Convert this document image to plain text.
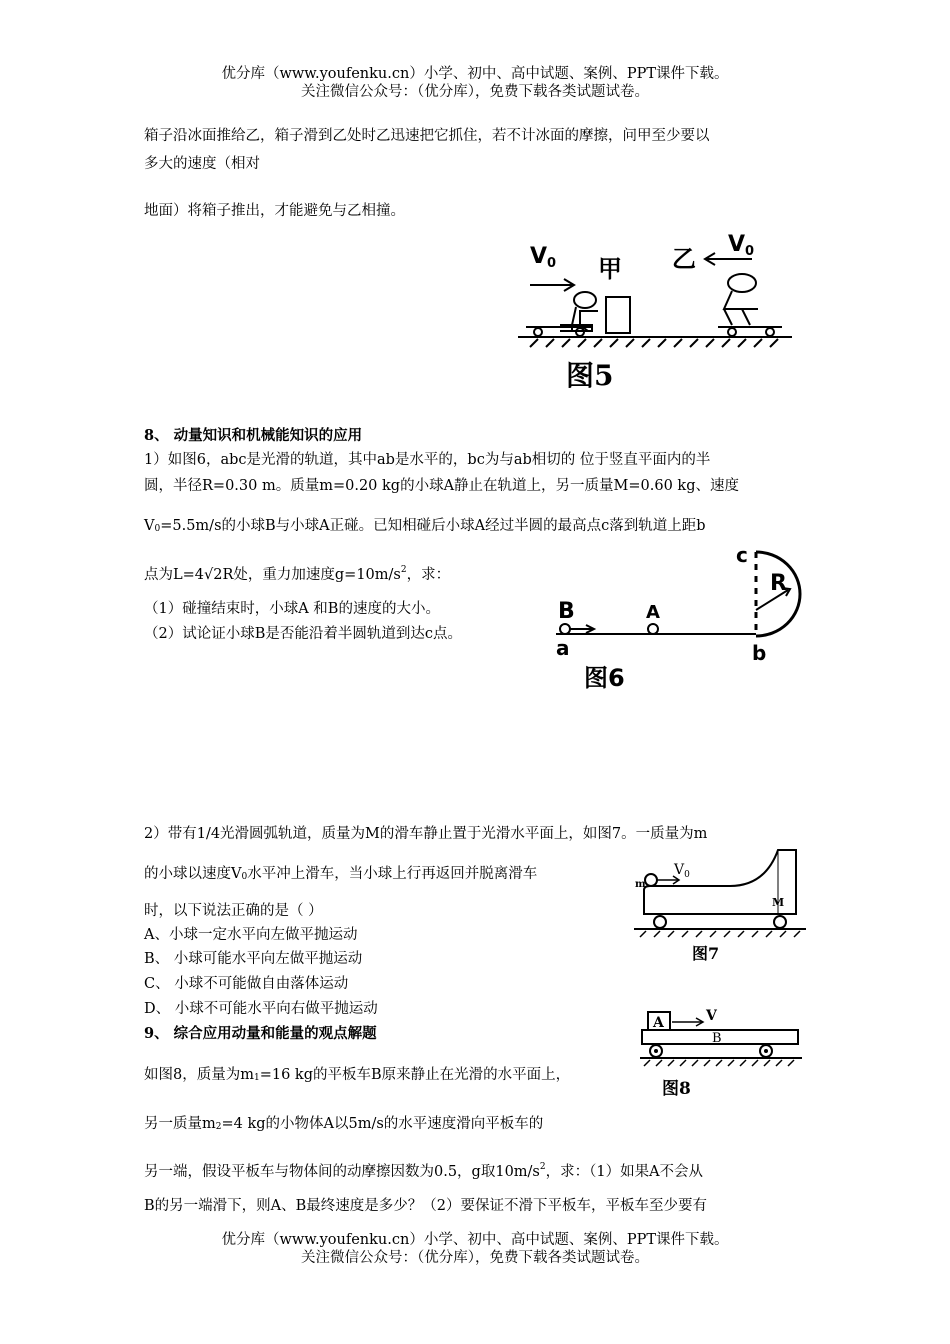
优分库（www.youfenku.cn）小学、初中、高中试题、案例、PPT课件下载。
关注微信公众号：（优分库），免费下载各类试题试卷。
箱子沿冰面推给乙，箱子滑到乙处时乙迅速把它抓住，若不计冰面的摩擦，问甲至少要以
多大的速度（相对
地面）将箱子推出，才能避免与乙相撞。
V0 甲 乙 V0
图5
8、 动量知识和机械能知识的应用
1）如图6，abc是光滑的轨道，其中ab是水平的，bc为与ab相切的 位于竖直平面内的半
圆，半径R=0.30 m。质量m=0.20 kg的小球A静止在轨道上，另一质量M=0.60 kg、速度
$V_0=5.5m/s$的小球B与小球A正碰。已知相碰后小球A经过半圆的最高点c落到轨道上距b
点为L=4√2R处，重力加速度$g=10m/s^2$，求：
（1）碰撞结束时，小球A 和B的速度的大小。
（2）试论证小球B是否能沿着半圆轨道到达c点。
c
R
B	A
a	b
图6
2）带有1/4光滑圆弧轨道，质量为M的滑车静止置于光滑水平面上，如图7。一质量为m
的小球以速度$V_0$水平冲上滑车，当小球上行再返回并脱离滑车
时，以下说法正确的是（ ）
A、小球一定水平向左做平抛运动
B、 小球可能水平向左做平抛运动
C、 小球不可能做自由落体运动
D、 小球不可能水平向右做平抛运动
m
$V_0$
M
图7
9、 综合应用动量和能量的观点解题
如图8，质量为$m_1=16$ kg的平板车B原来静止在光滑的水平面上，
另一质量$m_2=4$ kg的小物体A以5m/s的水平速度滑向平板车的
另一端，假设平板车与物体间的动摩擦因数为0.5，g取$10m/s^2$，求：（1）如果A不会从
B的另一端滑下，则A、B最终速度是多少？（2）要保证不滑下平板车，平板车至少要有
A	V
B
图8
优分库（www.youfenku.cn）小学、初中、高中试题、案例、PPT课件下载。
关注微信公众号：（优分库），免费下载各类试题试卷。
